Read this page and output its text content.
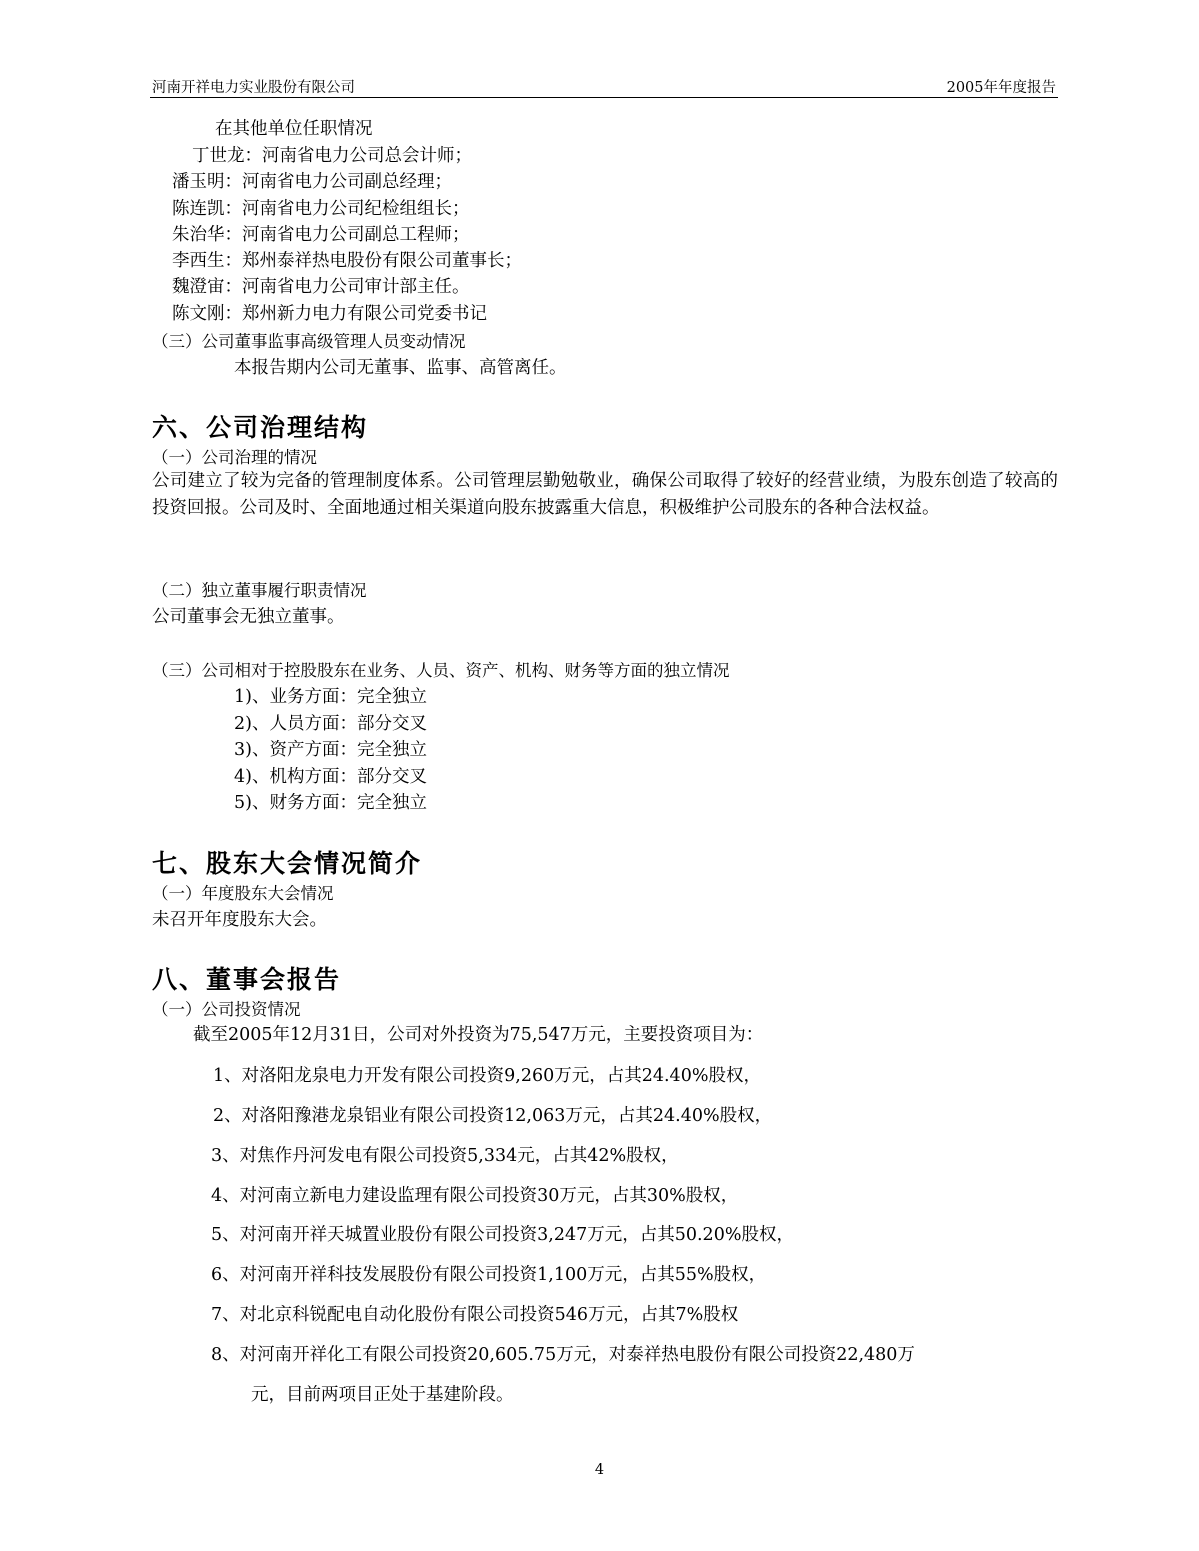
河南开祥电力实业股份有限公司	2005年年度报告
在其他单位任职情况
丁世龙：河南省电力公司总会计师；
潘玉明：河南省电力公司副总经理；
陈连凯：河南省电力公司纪检组组长；
朱治华：河南省电力公司副总工程师；
李西生：郑州泰祥热电股份有限公司董事长；
魏澄宙：河南省电力公司审计部主任。
陈文刚：郑州新力电力有限公司党委书记
（三）公司董事监事高级管理人员变动情况
本报告期内公司无董事、监事、高管离任。
六、公司治理结构
（一）公司治理的情况

公司建立了较为完备的管理制度体系。公司管理层勤勉敬业，确保公司取得了较好的经营业绩，为股东创造了较高的投资回报。公司及时、全面地通过相关渠道向股东披露重大信息，积极维护公司股东的各种合法权益。

（二）独立董事履行职责情况
公司董事会无独立董事。
（三）公司相对于控股股东在业务、人员、资产、机构、财务等方面的独立情况
1)、业务方面：完全独立
2)、人员方面：部分交叉
3)、资产方面：完全独立
4)、机构方面：部分交叉
5)、财务方面：完全独立
七、股东大会情况简介
（一）年度股东大会情况
未召开年度股东大会。
八、董事会报告
（一）公司投资情况
截至2005年12月31日，公司对外投资为75,547万元，主要投资项目为：
1、对洛阳龙泉电力开发有限公司投资9,260万元，占其24.40%股权，
2、对洛阳豫港龙泉铝业有限公司投资12,063万元，占其24.40%股权，
3、对焦作丹河发电有限公司投资5,334元，占其42%股权，
4、对河南立新电力建设监理有限公司投资30万元，占其30%股权，
5、对河南开祥天城置业股份有限公司投资3,247万元，占其50.20%股权，
6、对河南开祥科技发展股份有限公司投资1,100万元，占其55%股权，
7、对北京科锐配电自动化股份有限公司投资546万元，占其7%股权
8、对河南开祥化工有限公司投资20,605.75万元，对泰祥热电股份有限公司投资22,480万
元，目前两项目正处于基建阶段。
4
